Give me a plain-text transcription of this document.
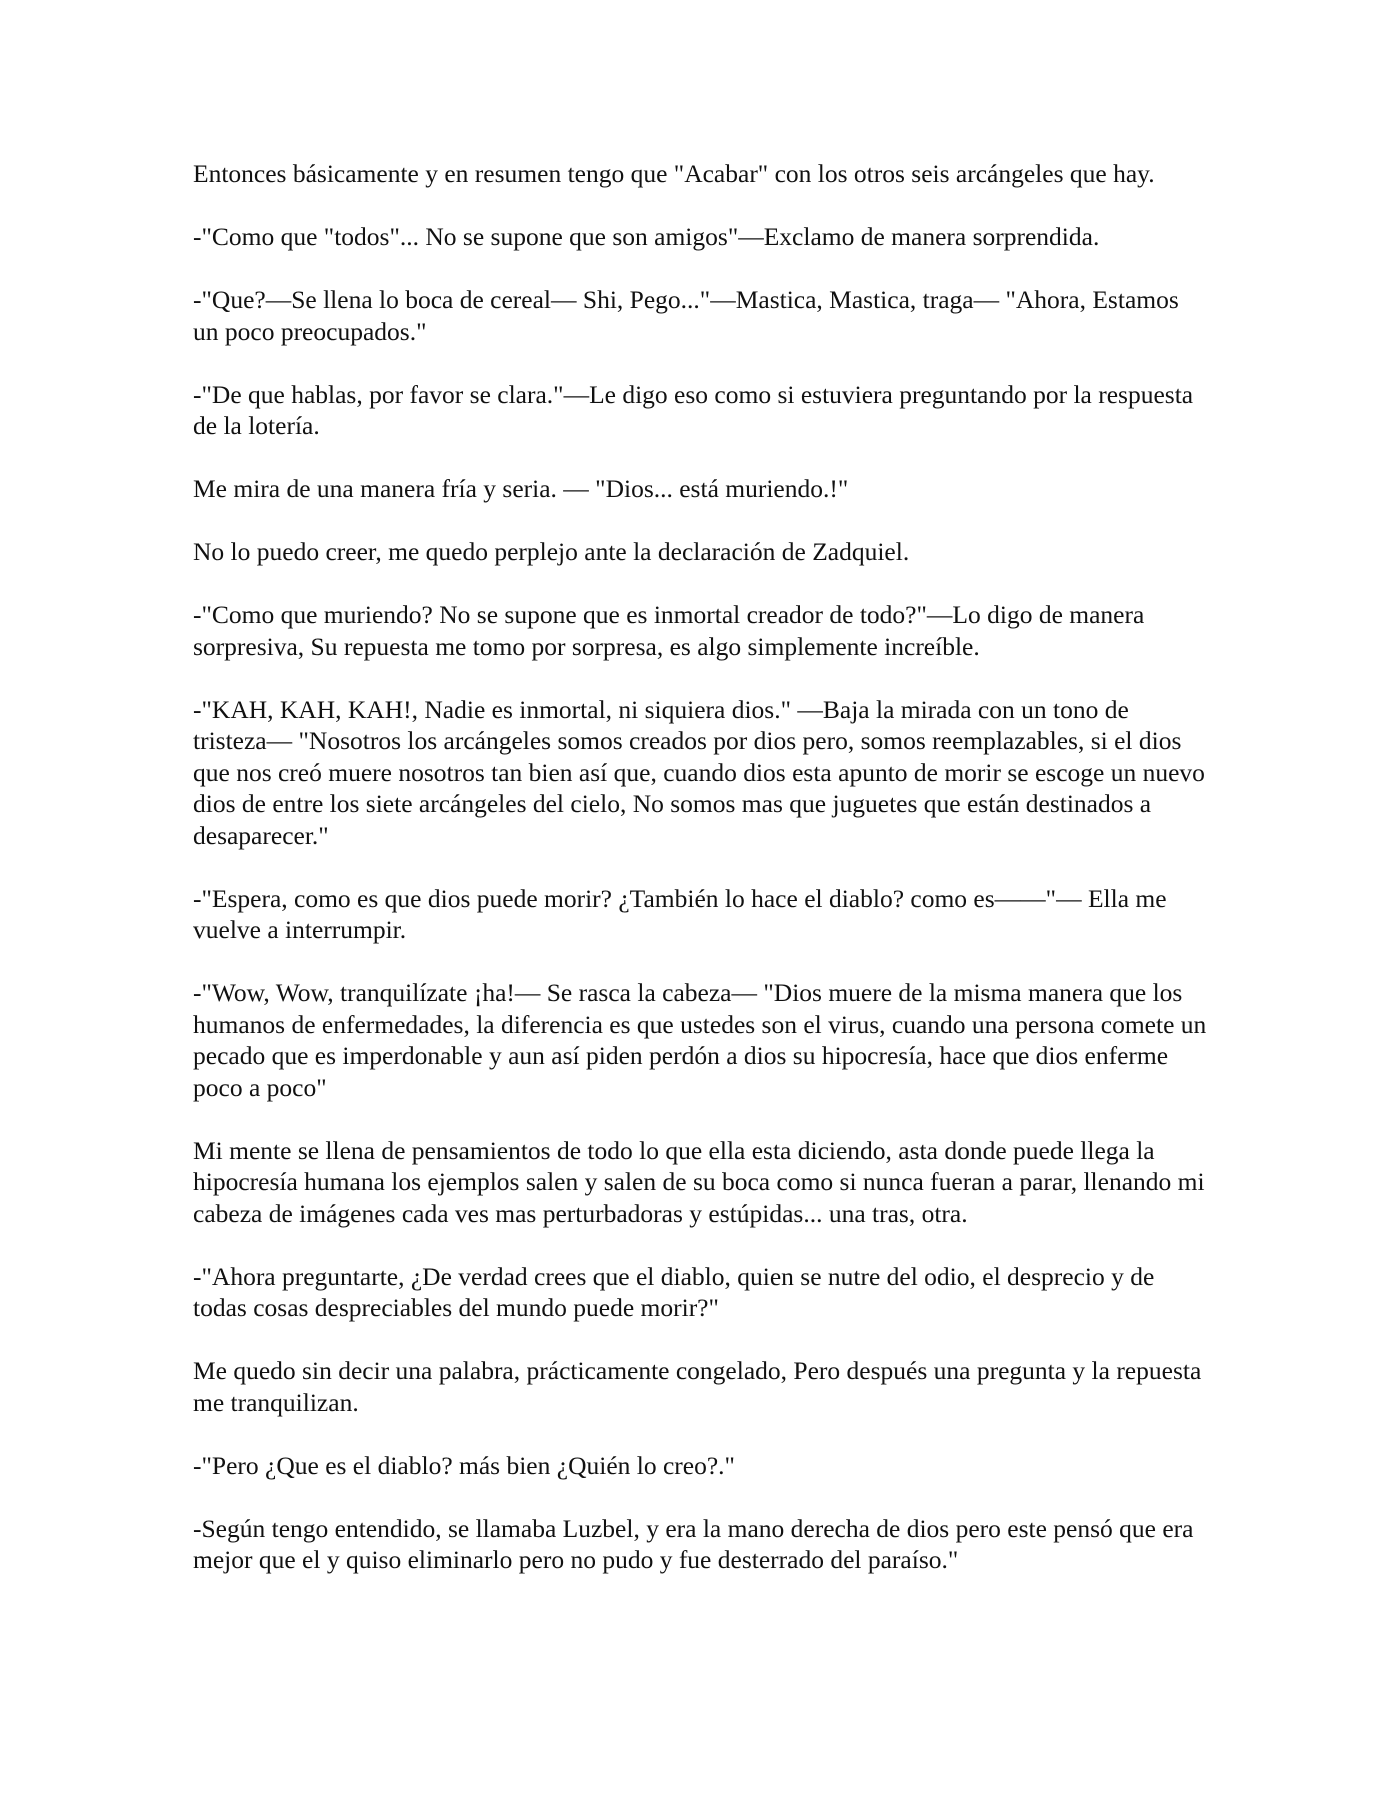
Entonces básicamente y en resumen tengo que "Acabar" con los otros seis arcángeles que hay.

-"Como que "todos"... No se supone que son amigos"—Exclamo de manera sorprendida.

-"Que?—Se llena lo boca de cereal— Shi, Pego..."—Mastica, Mastica, traga— "Ahora, Estamos un poco preocupados."

-"De que hablas, por favor se clara."—Le digo eso como si estuviera preguntando por la respuesta de la lotería.

Me mira de una manera fría y seria. — "Dios... está muriendo.!"

No lo puedo creer, me quedo perplejo ante la declaración de Zadquiel.

-"Como que muriendo? No se supone que es inmortal creador de todo?"—Lo digo de manera sorpresiva, Su repuesta me tomo por sorpresa, es algo simplemente increíble.

-"KAH, KAH, KAH!, Nadie es inmortal, ni siquiera dios." —Baja la mirada con un tono de tristeza— "Nosotros los arcángeles somos creados por dios pero, somos reemplazables, si el dios que nos creó muere nosotros tan bien así que, cuando dios esta apunto de morir se escoge un nuevo dios de entre los siete arcángeles del cielo, No somos mas que juguetes que están destinados a desaparecer."

-"Espera, como es que dios puede morir? ¿También lo hace el diablo? como es——"— Ella me vuelve a interrumpir.

-"Wow, Wow, tranquilízate ¡ha!— Se rasca la cabeza— "Dios muere de la misma manera que los humanos de enfermedades, la diferencia es que ustedes son el virus, cuando una persona comete un pecado que es imperdonable y aun así piden perdón a dios su hipocresía, hace que dios enferme poco a poco"

Mi mente se llena de pensamientos de todo lo que ella esta diciendo, asta donde puede llega la hipocresía humana los ejemplos salen y salen de su boca como si nunca fueran a parar, llenando mi cabeza de imágenes cada ves mas perturbadoras y estúpidas... una tras, otra.

-"Ahora preguntarte, ¿De verdad crees que el diablo, quien se nutre del odio, el desprecio y de todas cosas despreciables del mundo puede morir?"

Me quedo sin decir una palabra, prácticamente congelado, Pero después una pregunta y la repuesta me tranquilizan.

-"Pero ¿Que es el diablo? más bien ¿Quién lo creo?."

-Según tengo entendido, se llamaba Luzbel, y era la mano derecha de dios pero este pensó que era mejor que el y quiso eliminarlo pero no pudo y fue desterrado del paraíso."
